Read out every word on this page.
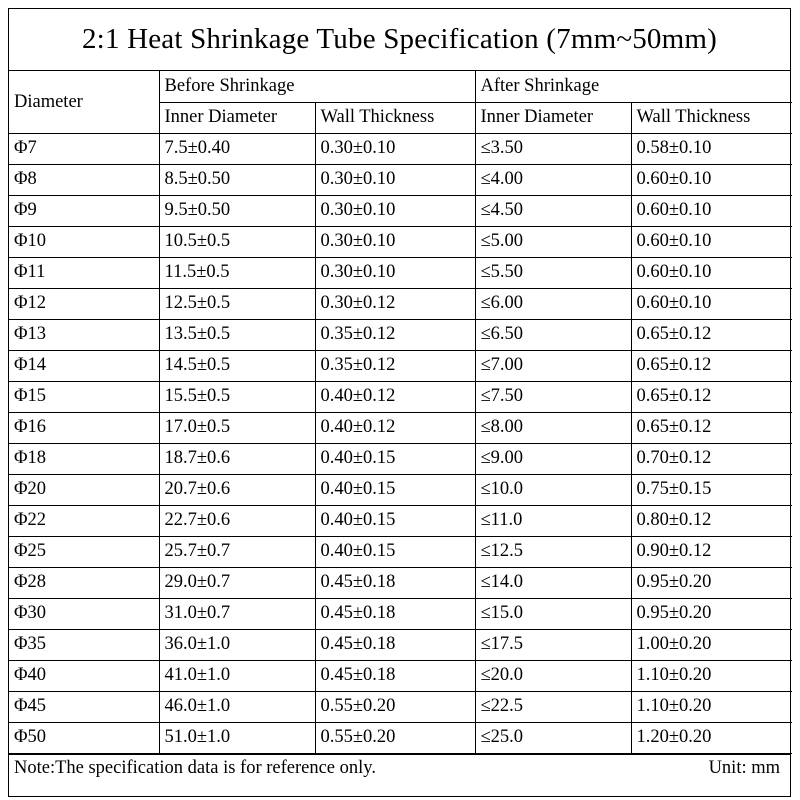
2:1 Heat Shrinkage Tube Specification (7mm~50mm)
Diameter	Before Shrinkage		After Shrinkage	
	Inner Diameter	Wall Thickness	Inner Diameter	Wall Thickness
Φ7	7.5±0.40	0.30±0.10	≤3.50	0.58±0.10
Φ8	8.5±0.50	0.30±0.10	≤4.00	0.60±0.10
Φ9	9.5±0.50	0.30±0.10	≤4.50	0.60±0.10
Φ10	10.5±0.5	0.30±0.10	≤5.00	0.60±0.10
Φ11	11.5±0.5	0.30±0.10	≤5.50	0.60±0.10
Φ12	12.5±0.5	0.30±0.12	≤6.00	0.60±0.10
Φ13	13.5±0.5	0.35±0.12	≤6.50	0.65±0.12
Φ14	14.5±0.5	0.35±0.12	≤7.00	0.65±0.12
Φ15	15.5±0.5	0.40±0.12	≤7.50	0.65±0.12
Φ16	17.0±0.5	0.40±0.12	≤8.00	0.65±0.12
Φ18	18.7±0.6	0.40±0.15	≤9.00	0.70±0.12
Φ20	20.7±0.6	0.40±0.15	≤10.0	0.75±0.15
Φ22	22.7±0.6	0.40±0.15	≤11.0	0.80±0.12
Φ25	25.7±0.7	0.40±0.15	≤12.5	0.90±0.12
Φ28	29.0±0.7	0.45±0.18	≤14.0	0.95±0.20
Φ30	31.0±0.7	0.45±0.18	≤15.0	0.95±0.20
Φ35	36.0±1.0	0.45±0.18	≤17.5	1.00±0.20
Φ40	41.0±1.0	0.45±0.18	≤20.0	1.10±0.20
Φ45	46.0±1.0	0.55±0.20	≤22.5	1.10±0.20
Φ50	51.0±1.0	0.55±0.20	≤25.0	1.20±0.20
Note:The specification data is for reference only.	Unit: mm
